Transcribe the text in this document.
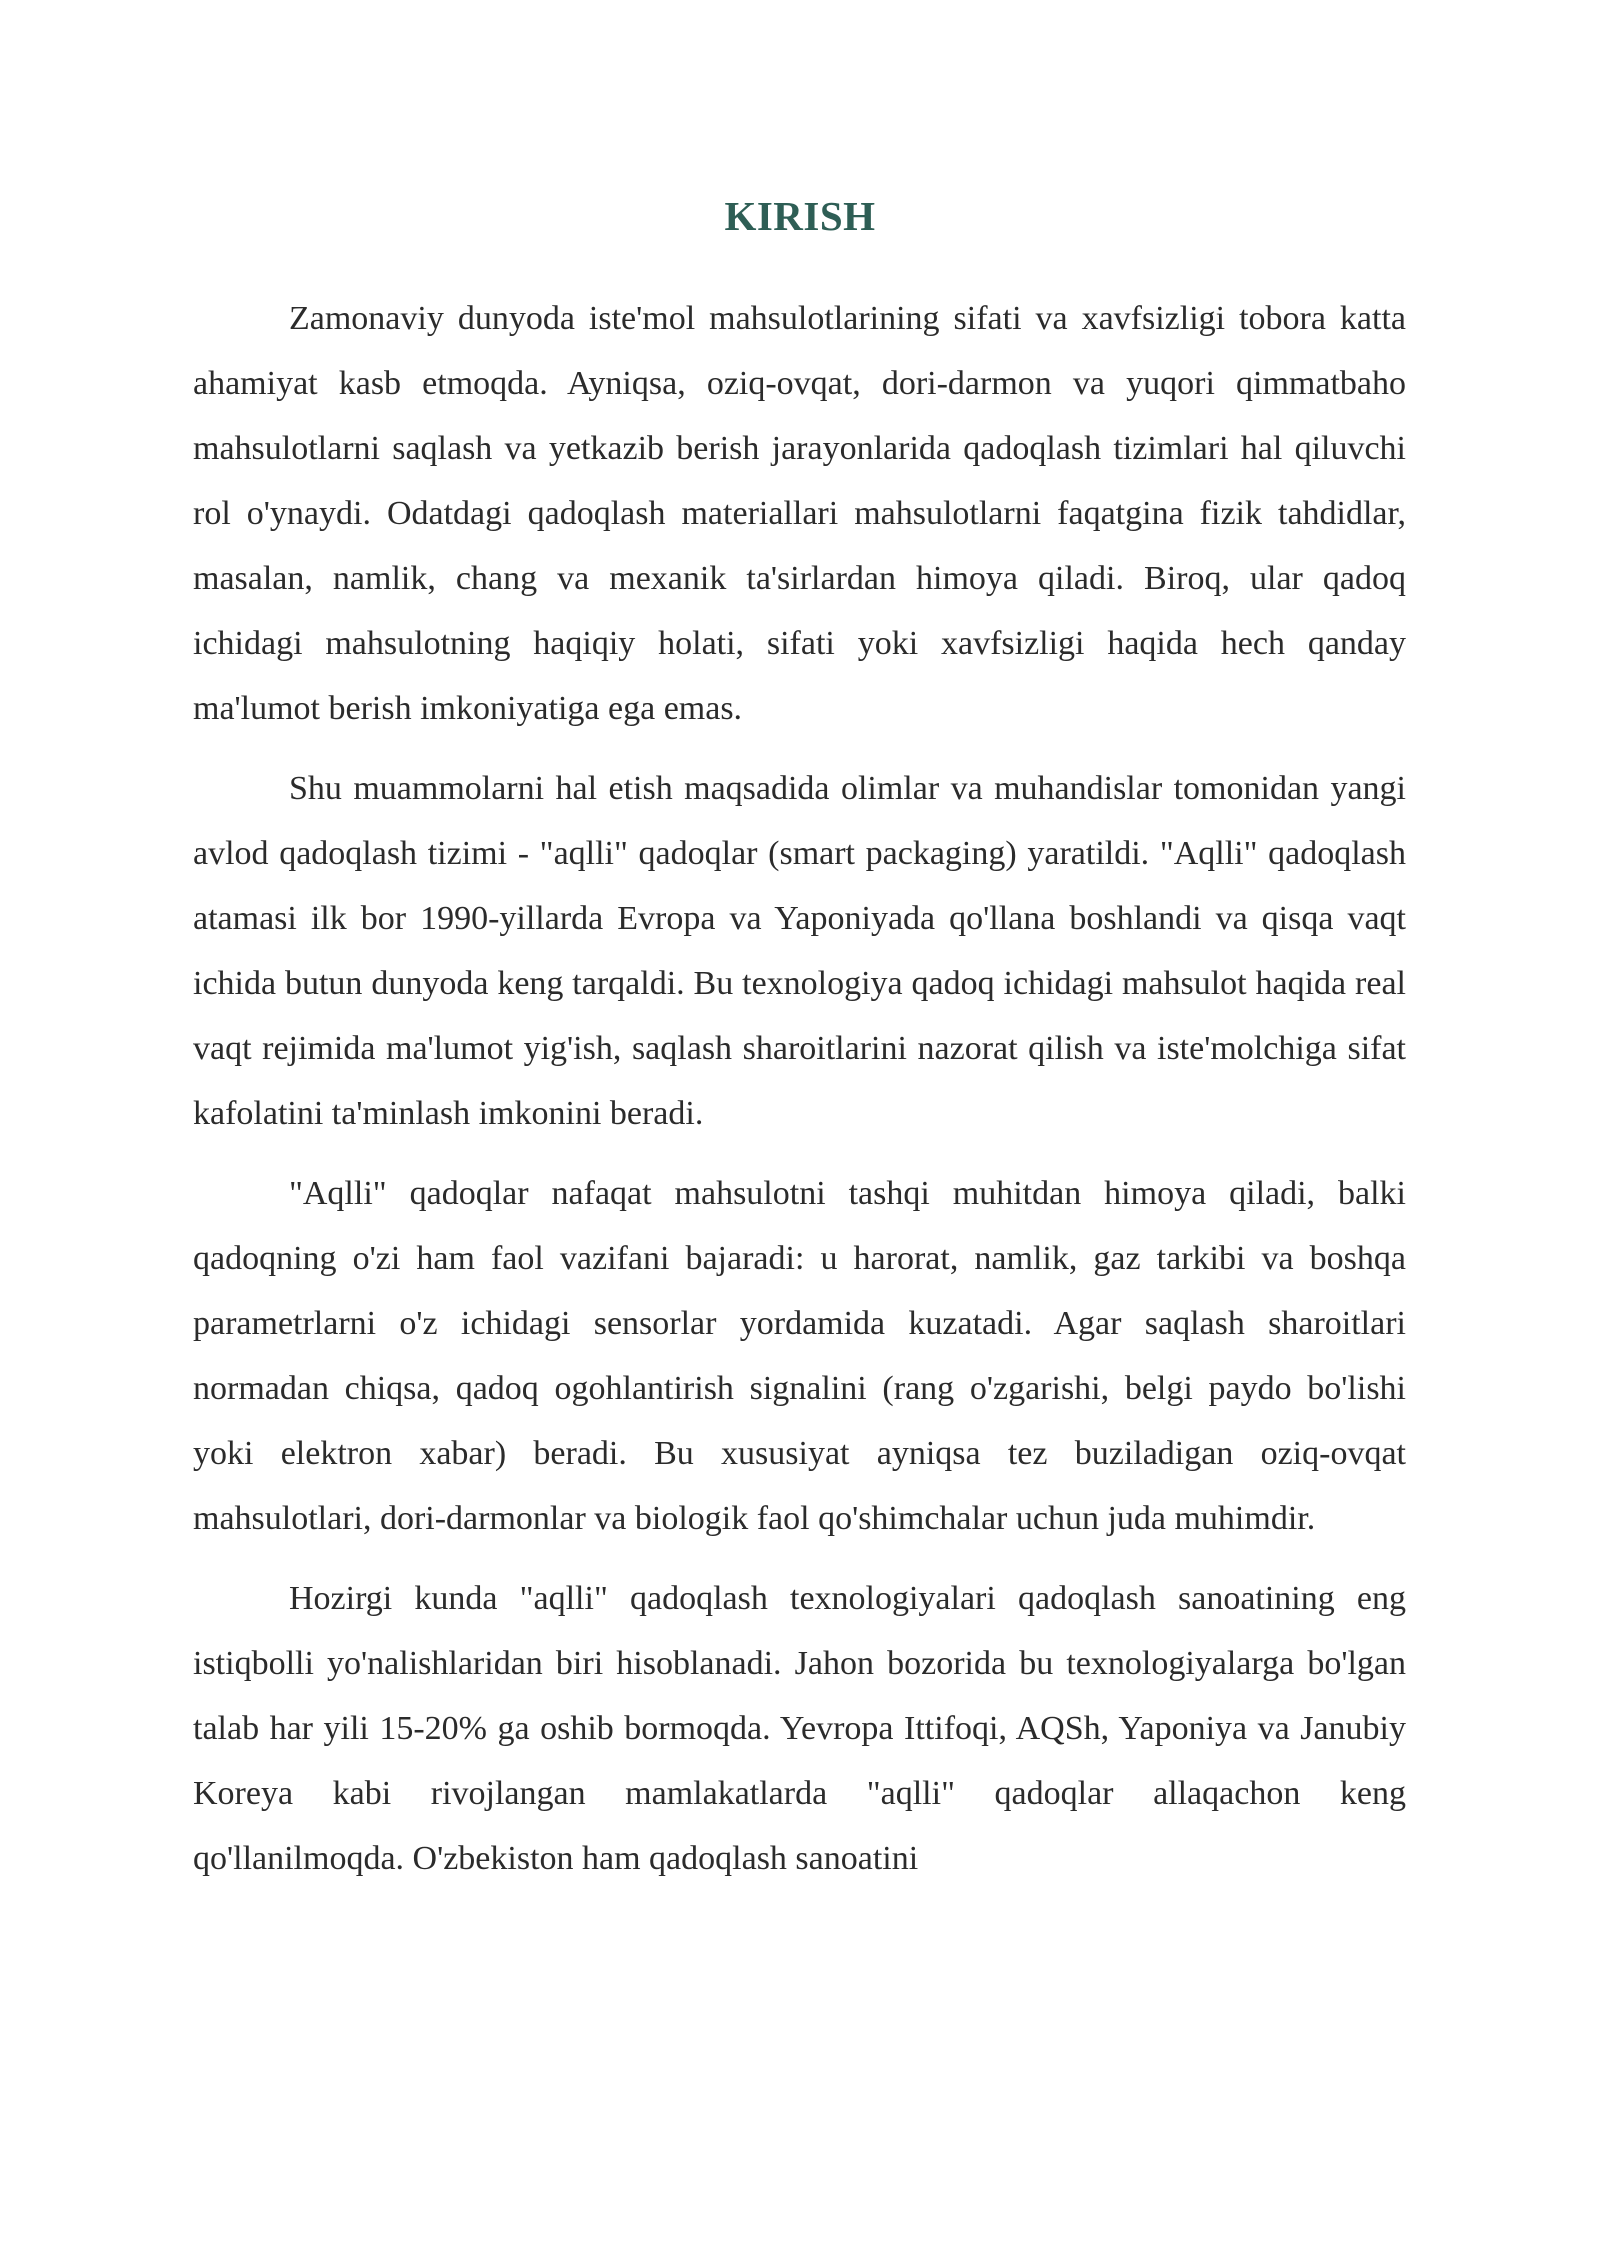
KIRISH

Zamonaviy dunyoda iste'mol mahsulotlarining sifati va xavfsizligi tobora katta ahamiyat kasb etmoqda. Ayniqsa, oziq-ovqat, dori-darmon va yuqori qimmatbaho mahsulotlarni saqlash va yetkazib berish jarayonlarida qadoqlash tizimlari hal qiluvchi rol o'ynaydi. Odatdagi qadoqlash materiallari mahsulotlarni faqatgina fizik tahdidlar, masalan, namlik, chang va mexanik ta'sirlardan himoya qiladi. Biroq, ular qadoq ichidagi mahsulotning haqiqiy holati, sifati yoki xavfsizligi haqida hech qanday ma'lumot berish imkoniyatiga ega emas.

Shu muammolarni hal etish maqsadida olimlar va muhandislar tomonidan yangi avlod qadoqlash tizimi - "aqlli" qadoqlar (smart packaging) yaratildi. "Aqlli" qadoqlash atamasi ilk bor 1990-yillarda Evropa va Yaponiyada qo'llana boshlandi va qisqa vaqt ichida butun dunyoda keng tarqaldi. Bu texnologiya qadoq ichidagi mahsulot haqida real vaqt rejimida ma'lumot yig'ish, saqlash sharoitlarini nazorat qilish va iste'molchiga sifat kafolatini ta'minlash imkonini beradi.

"Aqlli" qadoqlar nafaqat mahsulotni tashqi muhitdan himoya qiladi, balki qadoqning o'zi ham faol vazifani bajaradi: u harorat, namlik, gaz tarkibi va boshqa parametrlarni o'z ichidagi sensorlar yordamida kuzatadi. Agar saqlash sharoitlari normadan chiqsa, qadoq ogohlantirish signalini (rang o'zgarishi, belgi paydo bo'lishi yoki elektron xabar) beradi. Bu xususiyat ayniqsa tez buziladigan oziq-ovqat mahsulotlari, dori-darmonlar va biologik faol qo'shimchalar uchun juda muhimdir.

Hozirgi kunda "aqlli" qadoqlash texnologiyalari qadoqlash sanoatining eng istiqbolli yo'nalishlaridan biri hisoblanadi. Jahon bozorida bu texnologiyalarga bo'lgan talab har yili 15-20% ga oshib bormoqda. Yevropa Ittifoqi, AQSh, Yaponiya va Janubiy Koreya kabi rivojlangan mamlakatlarda "aqlli" qadoqlar allaqachon keng qo'llanilmoqda. O'zbekiston ham qadoqlash sanoatini
